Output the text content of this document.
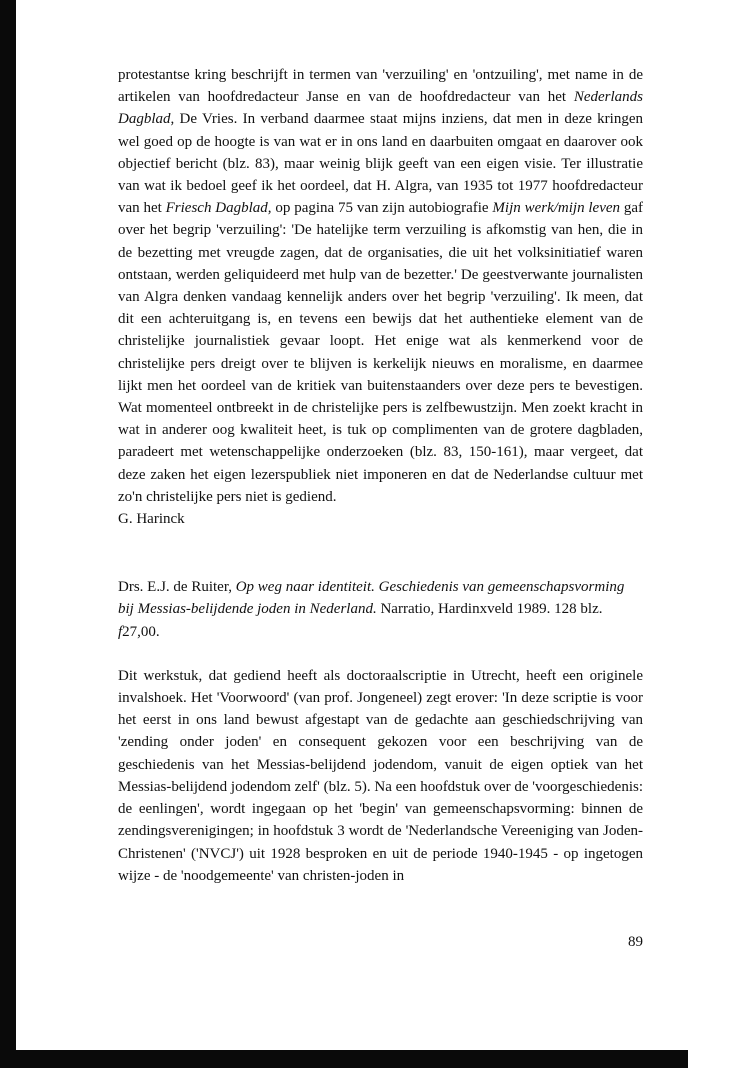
protestantse kring beschrijft in termen van 'verzuiling' en 'ontzuiling', met name in de artikelen van hoofdredacteur Janse en van de hoofdredacteur van het Nederlands Dagblad, De Vries. In verband daarmee staat mijns inziens, dat men in deze kringen wel goed op de hoogte is van wat er in ons land en daarbuiten omgaat en daarover ook objectief bericht (blz. 83), maar weinig blijk geeft van een eigen visie. Ter illustratie van wat ik bedoel geef ik het oordeel, dat H. Algra, van 1935 tot 1977 hoofdredacteur van het Friesch Dagblad, op pagina 75 van zijn autobiografie Mijn werk/mijn leven gaf over het begrip 'verzuiling': 'De hatelijke term verzuiling is afkomstig van hen, die in de bezetting met vreugde zagen, dat de organisaties, die uit het volksinitiatief waren ontstaan, werden geliquideerd met hulp van de bezetter.' De geestverwante journalisten van Algra denken vandaag kennelijk anders over het begrip 'verzuiling'. Ik meen, dat dit een achteruitgang is, en tevens een bewijs dat het authentieke element van de christelijke journalistiek gevaar loopt. Het enige wat als kenmerkend voor de christelijke pers dreigt over te blijven is kerkelijk nieuws en moralisme, en daarmee lijkt men het oordeel van de kritiek van buitenstaanders over deze pers te bevestigen. Wat momenteel ontbreekt in de christelijke pers is zelfbewustzijn. Men zoekt kracht in wat in anderer oog kwaliteit heet, is tuk op complimenten van de grotere dagbladen, paradeert met wetenschappelijke onderzoeken (blz. 83, 150-161), maar vergeet, dat deze zaken het eigen lezerspubliek niet imponeren en dat de Nederlandse cultuur met zo'n christelijke pers niet is gediend.

G. Harinck

Drs. E.J. de Ruiter, Op weg naar identiteit. Geschiedenis van gemeenschapsvorming bij Messias-belijdende joden in Nederland. Narratio, Hardinxveld 1989. 128 blz. f27,00.

Dit werkstuk, dat gediend heeft als doctoraalscriptie in Utrecht, heeft een originele invalshoek. Het 'Voorwoord' (van prof. Jongeneel) zegt erover: 'In deze scriptie is voor het eerst in ons land bewust afgestapt van de gedachte aan geschiedschrijving van 'zending onder joden' en consequent gekozen voor een beschrijving van de geschiedenis van het Messias-belijdend jodendom, vanuit de eigen optiek van het Messias-belijdend jodendom zelf' (blz. 5). Na een hoofdstuk over de 'voorgeschiedenis: de eenlingen', wordt ingegaan op het 'begin' van gemeenschapsvorming: binnen de zendingsverenigingen; in hoofdstuk 3 wordt de 'Nederlandsche Vereeniging van Joden-Christenen' ('NVCJ') uit 1928 besproken en uit de periode 1940-1945 - op ingetogen wijze - de 'noodgemeente' van christen-joden in

89
